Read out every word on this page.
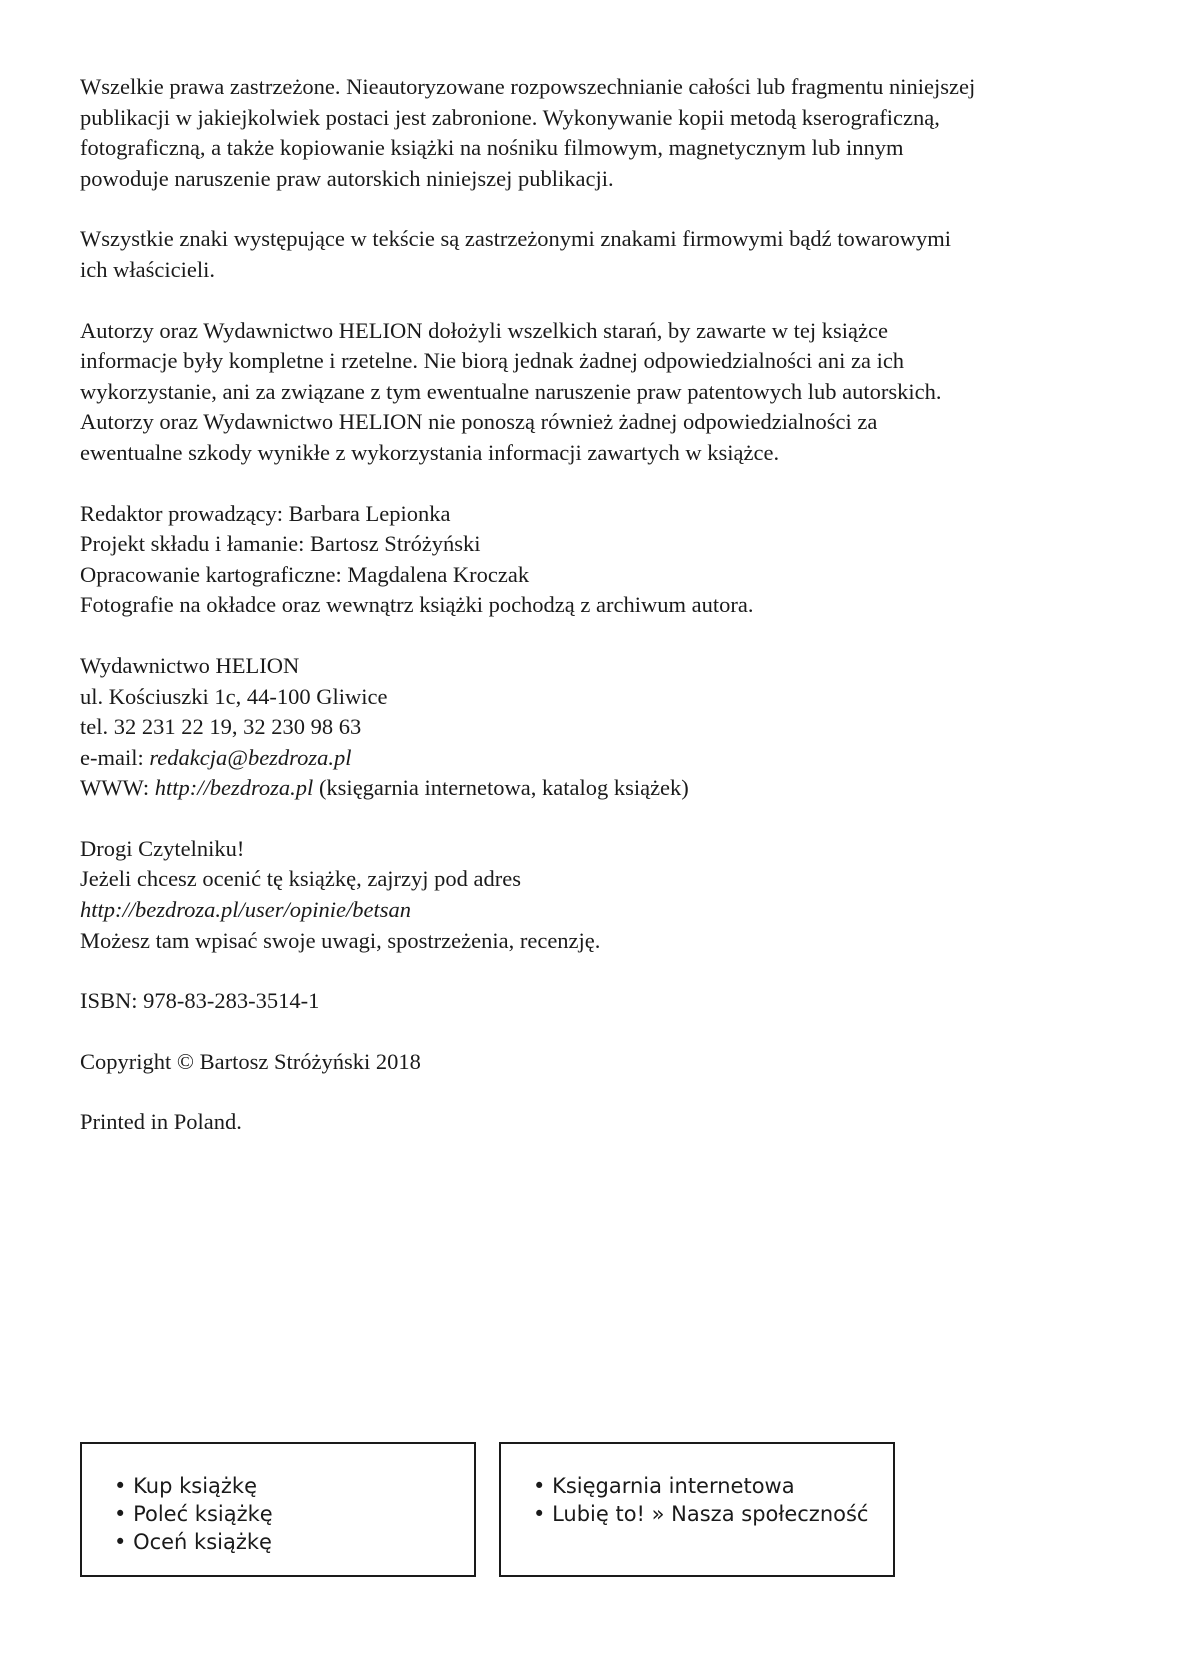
Wszelkie prawa zastrzeżone. Nieautoryzowane rozpowszechnianie całości lub fragmentu niniejszej
publikacji w jakiejkolwiek postaci jest zabronione. Wykonywanie kopii metodą kserograficzną,
fotograficzną, a także kopiowanie książki na nośniku filmowym, magnetycznym lub innym
powoduje naruszenie praw autorskich niniejszej publikacji.

Wszystkie znaki występujące w tekście są zastrzeżonymi znakami firmowymi bądź towarowymi
ich właścicieli.

Autorzy oraz Wydawnictwo HELION dołożyli wszelkich starań, by zawarte w tej książce
informacje były kompletne i rzetelne. Nie biorą jednak żadnej odpowiedzialności ani za ich
wykorzystanie, ani za związane z tym ewentualne naruszenie praw patentowych lub autorskich.
Autorzy oraz Wydawnictwo HELION nie ponoszą również żadnej odpowiedzialności za
ewentualne szkody wynikłe z wykorzystania informacji zawartych w książce.

Redaktor prowadzący: Barbara Lepionka
Projekt składu i łamanie: Bartosz Stróżyński
Opracowanie kartograficzne: Magdalena Kroczak
Fotografie na okładce oraz wewnątrz książki pochodzą z archiwum autora.

Wydawnictwo HELION
ul. Kościuszki 1c, 44-100 Gliwice
tel. 32 231 22 19, 32 230 98 63
e-mail: redakcja@bezdroza.pl
WWW: http://bezdroza.pl (księgarnia internetowa, katalog książek)

Drogi Czytelniku!
Jeżeli chcesz ocenić tę książkę, zajrzyj pod adres
http://bezdroza.pl/user/opinie/betsan
Możesz tam wpisać swoje uwagi, spostrzeżenia, recenzję.

ISBN: 978-83-283-3514-1

Copyright © Bartosz Stróżyński 2018

Printed in Poland.

• Kup książkę
• Poleć książkę
• Oceń książkę
• Księgarnia internetowa
• Lubię to! » Nasza społeczność
